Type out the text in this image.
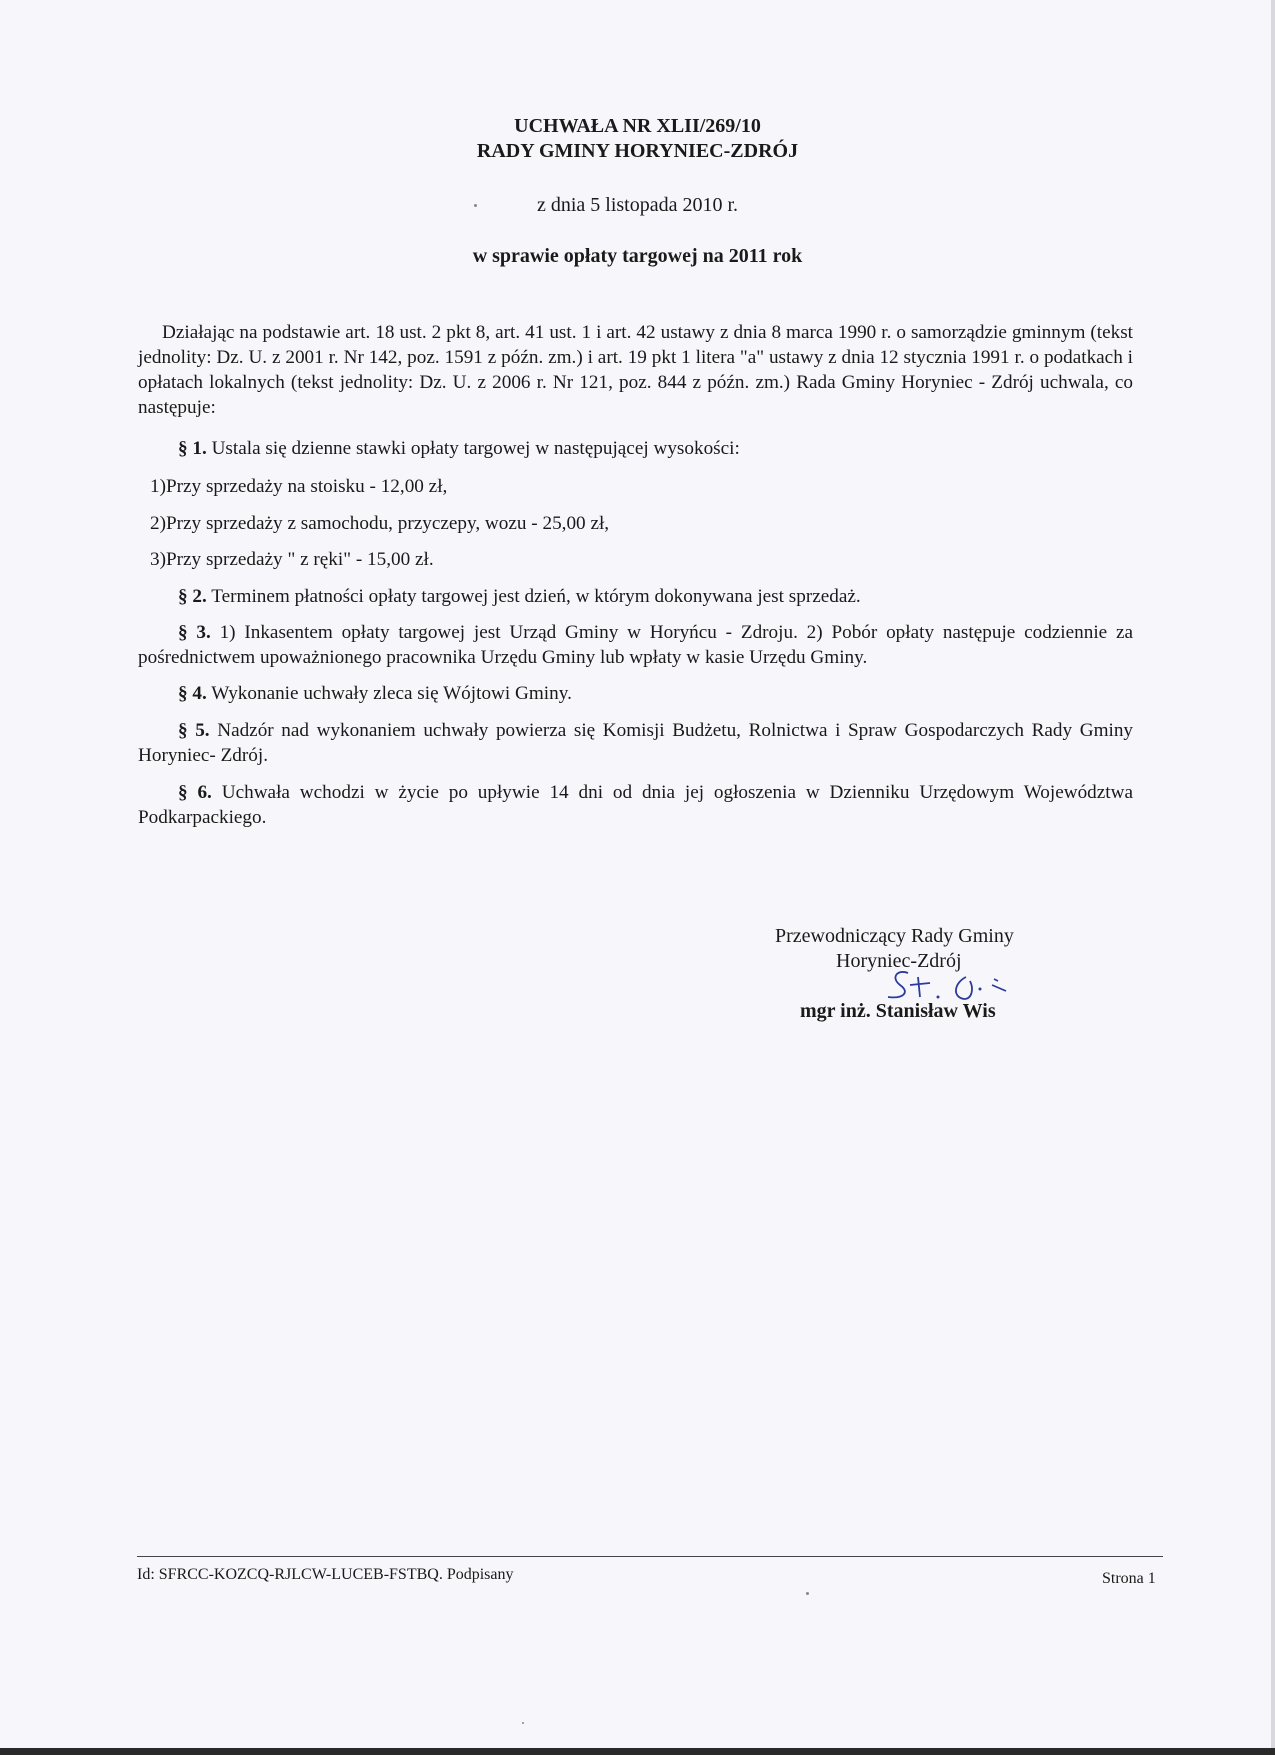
UCHWAŁA NR XLII/269/10
RADY GMINY HORYNIEC-ZDRÓJ
z dnia 5 listopada 2010 r.
w sprawie opłaty targowej na 2011 rok
Działając na podstawie art. 18 ust. 2 pkt 8, art. 41 ust. 1 i art. 42 ustawy z dnia 8 marca 1990 r. o samorządzie gminnym (tekst jednolity: Dz. U. z 2001 r. Nr 142, poz. 1591 z późn. zm.) i art. 19 pkt 1 litera "a" ustawy z dnia 12 stycznia 1991 r. o podatkach i opłatach lokalnych (tekst jednolity: Dz. U. z 2006 r. Nr 121, poz. 844 z późn. zm.) Rada Gminy Horyniec - Zdrój uchwala, co następuje:
§ 1. Ustala się dzienne stawki opłaty targowej w następującej wysokości:
1)Przy sprzedaży na stoisku - 12,00 zł,
2)Przy sprzedaży z samochodu, przyczepy, wozu - 25,00 zł,
3)Przy sprzedaży " z ręki" - 15,00 zł.
§ 2. Terminem płatności opłaty targowej jest dzień, w którym dokonywana jest sprzedaż.
§ 3. 1) Inkasentem opłaty targowej jest Urząd Gminy w Horyńcu - Zdroju. 2) Pobór opłaty następuje codziennie za pośrednictwem upoważnionego pracownika Urzędu Gminy lub wpłaty w kasie Urzędu Gminy.
§ 4. Wykonanie uchwały zleca się Wójtowi Gminy.
§ 5. Nadzór nad wykonaniem uchwały powierza się Komisji Budżetu, Rolnictwa i Spraw Gospodarczych Rady Gminy Horyniec- Zdrój.
§ 6. Uchwała wchodzi w życie po upływie 14 dni od dnia jej ogłoszenia w Dzienniku Urzędowym Województwa Podkarpackiego.
Przewodniczący Rady Gminy
Horyniec-Zdrój
mgr inż. Stanisław Wis
Id: SFRCC-KOZCQ-RJLCW-LUCEB-FSTBQ. Podpisany	Strona 1
